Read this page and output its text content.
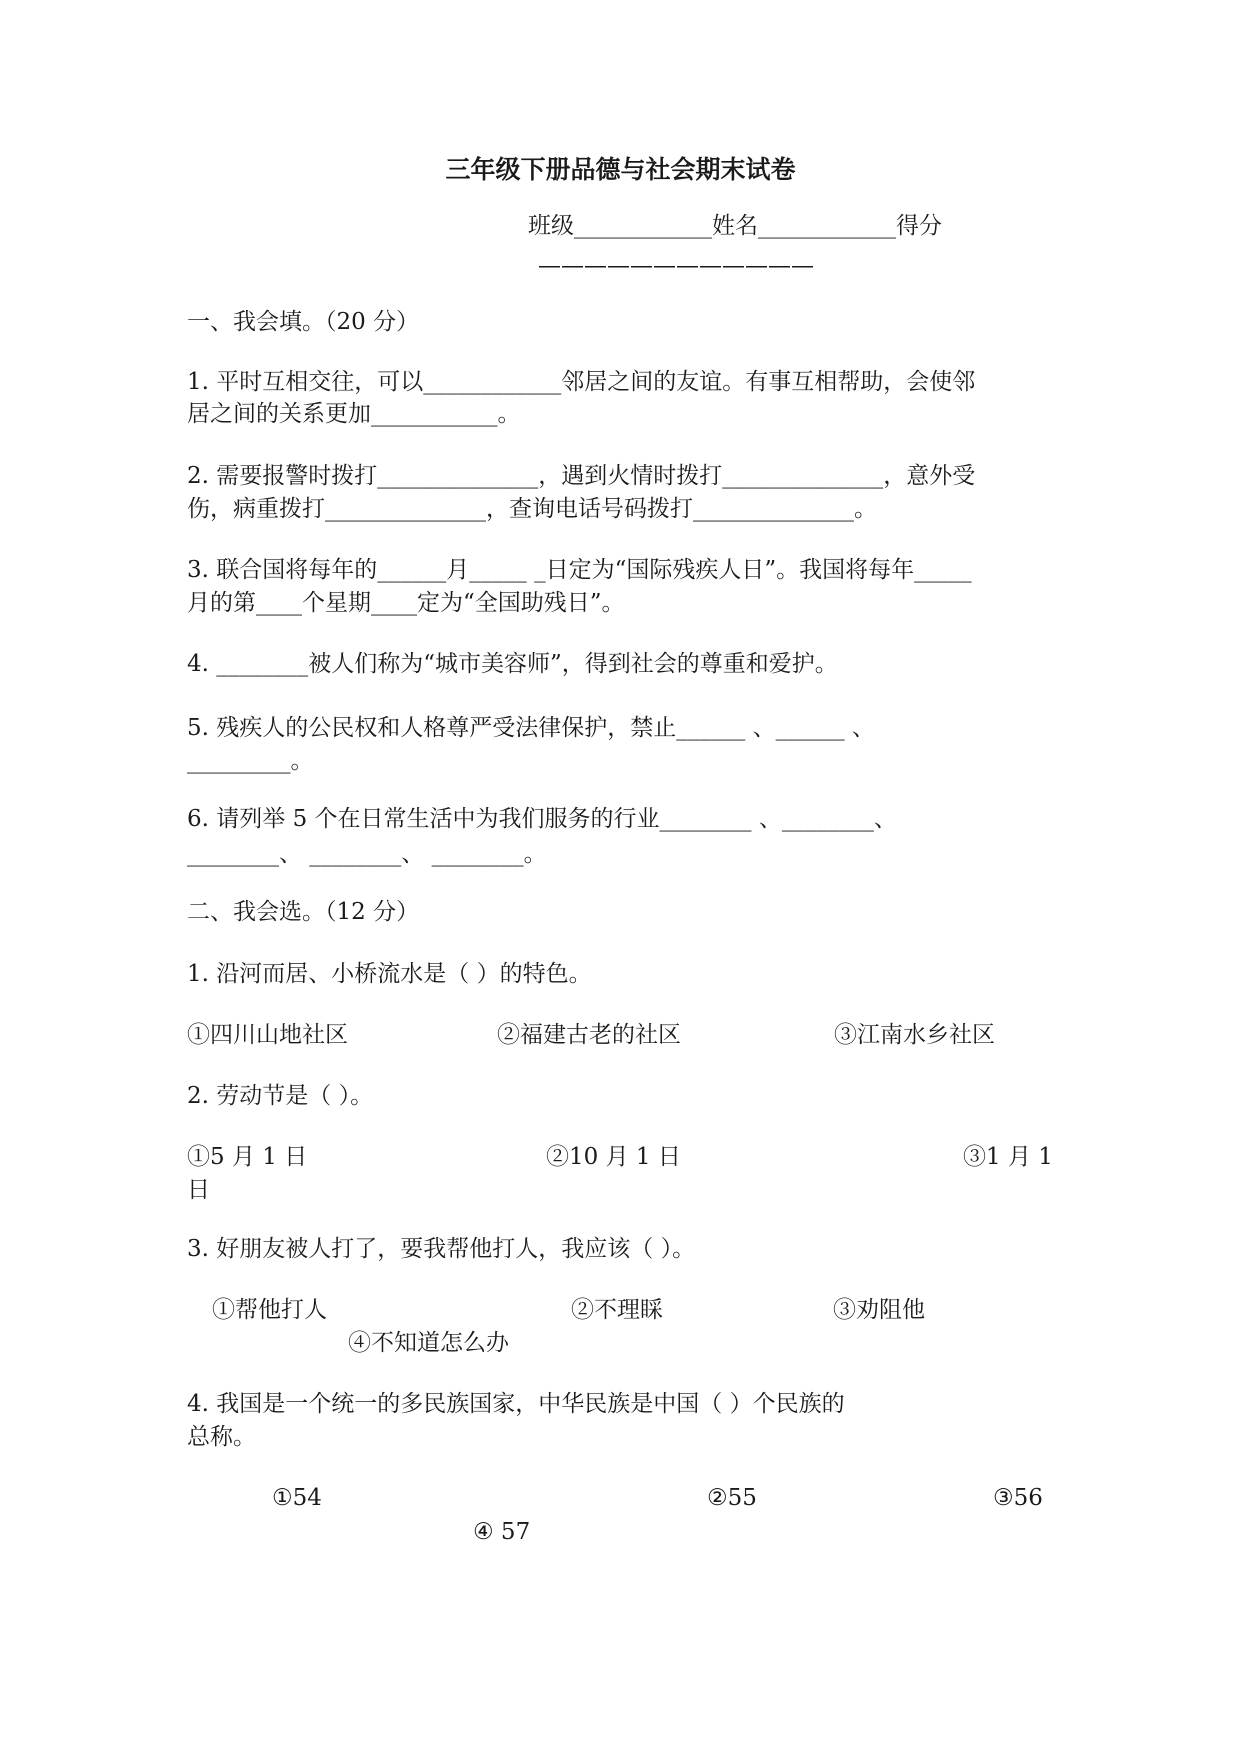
三年级下册品德与社会期末试卷
班级____________姓名____________得分
————————————
一、我会填。（20 分）
1. 平时互相交往，可以____________邻居之间的友谊。有事互相帮助，会使邻
居之间的关系更加___________。
2. 需要报警时拨打______________，遇到火情时拨打______________，意外受
伤，病重拨打______________，查询电话号码拨打______________。
3. 联合国将每年的______月_____ _日定为“国际残疾人日”。我国将每年_____
月的第____个星期____定为“全国助残日”。
4. ________被人们称为“城市美容师”，得到社会的尊重和爱护。
5. 残疾人的公民权和人格尊严受法律保护，禁止______ 、______ 、
_________。
6. 请列举 5 个在日常生活中为我们服务的行业________ 、________、
________、 ________、 ________。
二、我会选。（12 分）
1. 沿河而居、小桥流水是（ ）的特色。
①四川山地社区	②福建古老的社区	③江南水乡社区
2. 劳动节是（ ）。
①5 月 1 日	②10 月 1 日	③1 月 1
日
3. 好朋友被人打了，要我帮他打人，我应该（ ）。
①帮他打人	②不理睬	③劝阻他
④不知道怎么办
4. 我国是一个统一的多民族国家，中华民族是中国（ ）个民族的
总称。
①54	②55	③56
④ 57
